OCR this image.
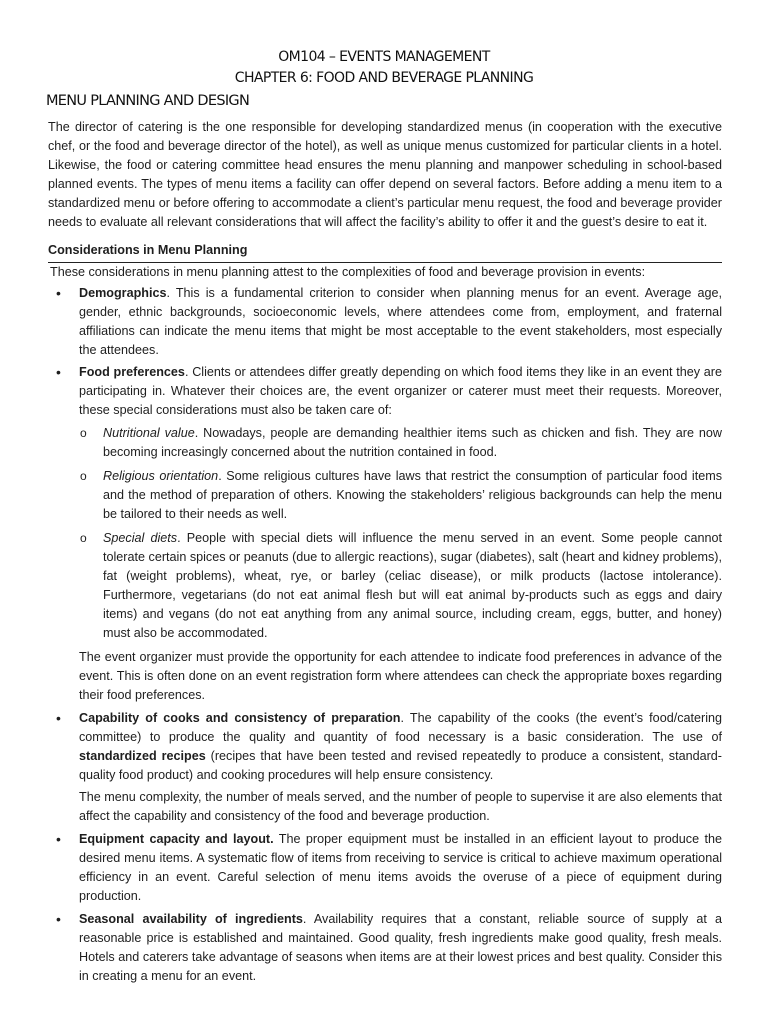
OM104 – EVENTS MANAGEMENT
CHAPTER 6: FOOD AND BEVERAGE PLANNING
MENU PLANNING AND DESIGN

The director of catering is the one responsible for developing standardized menus (in cooperation with the executive chef, or the food and beverage director of the hotel), as well as unique menus customized for particular clients in a hotel. Likewise, the food or catering committee head ensures the menu planning and manpower scheduling in school-based planned events. The types of menu items a facility can offer depend on several factors. Before adding a menu item to a standardized menu or before offering to accommodate a client’s particular menu request, the food and beverage provider needs to evaluate all relevant considerations that will affect the facility’s ability to offer it and the guest’s desire to eat it.

Considerations in Menu Planning

These considerations in menu planning attest to the complexities of food and beverage provision in events:

• Demographics. This is a fundamental criterion to consider when planning menus for an event. Average age, gender, ethnic backgrounds, socioeconomic levels, where attendees come from, employment, and fraternal affiliations can indicate the menu items that might be most acceptable to the event stakeholders, most especially the attendees.
• Food preferences. Clients or attendees differ greatly depending on which food items they like in an event they are participating in. Whatever their choices are, the event organizer or caterer must meet their requests. Moreover, these special considerations must also be taken care of:
o Nutritional value. Nowadays, people are demanding healthier items such as chicken and fish. They are now becoming increasingly concerned about the nutrition contained in food.
o Religious orientation. Some religious cultures have laws that restrict the consumption of particular food items and the method of preparation of others. Knowing the stakeholders’ religious backgrounds can help the menu be tailored to their needs as well.
o Special diets. People with special diets will influence the menu served in an event. Some people cannot tolerate certain spices or peanuts (due to allergic reactions), sugar (diabetes), salt (heart and kidney problems), fat (weight problems), wheat, rye, or barley (celiac disease), or milk products (lactose intolerance). Furthermore, vegetarians (do not eat animal flesh but will eat animal by-products such as eggs and dairy items) and vegans (do not eat anything from any animal source, including cream, eggs, butter, and honey) must also be accommodated.

The event organizer must provide the opportunity for each attendee to indicate food preferences in advance of the event. This is often done on an event registration form where attendees can check the appropriate boxes regarding their food preferences.

• Capability of cooks and consistency of preparation. The capability of the cooks (the event’s food/catering committee) to produce the quality and quantity of food necessary is a basic consideration. The use of standardized recipes (recipes that have been tested and revised repeatedly to produce a consistent, standard-quality food product) and cooking procedures will help ensure consistency.

The menu complexity, the number of meals served, and the number of people to supervise it are also elements that affect the capability and consistency of the food and beverage production.

• Equipment capacity and layout. The proper equipment must be installed in an efficient layout to produce the desired menu items. A systematic flow of items from receiving to service is critical to achieve maximum operational efficiency in an event. Careful selection of menu items avoids the overuse of a piece of equipment during production.
• Seasonal availability of ingredients. Availability requires that a constant, reliable source of supply at a reasonable price is established and maintained. Good quality, fresh ingredients make good quality, fresh meals. Hotels and caterers take advantage of seasons when items are at their lowest prices and best quality. Consider this in creating a menu for an event.
